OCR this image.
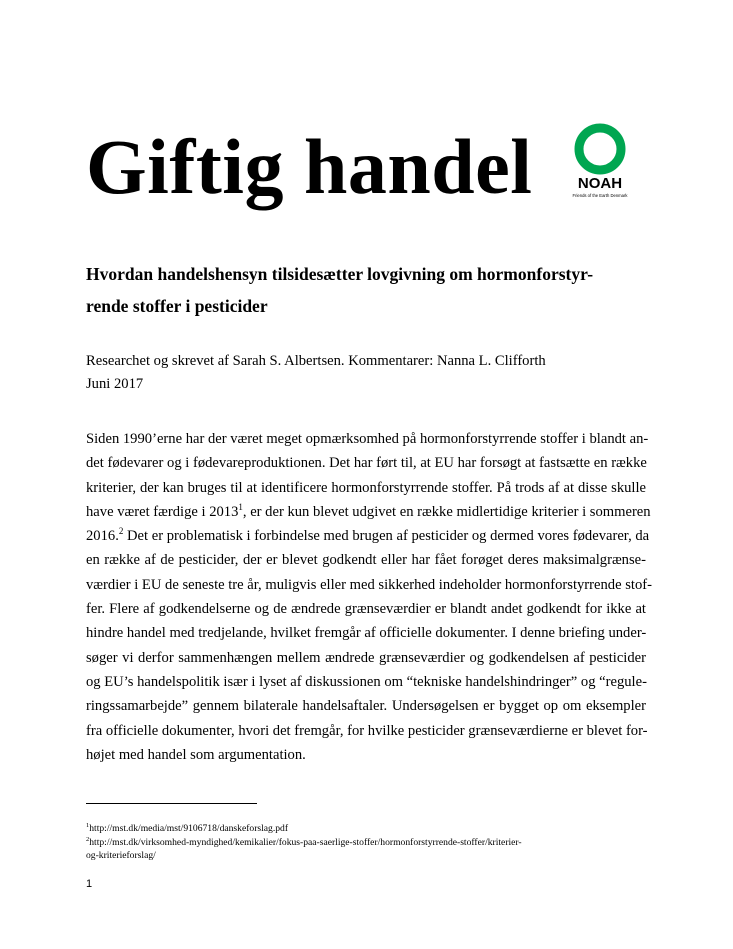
Giftig handel	NOAH
Friends of the Earth Denmark
Hvordan handelshensyn tilsidesætter lovgivning om hormonforstyr-
rende stoffer i pesticider
Researchet og skrevet af Sarah S. Albertsen. Kommentarer: Nanna L. Clifforth
Juni 2017
Siden 1990’erne har der været meget opmærksomhed på hormonforstyrrende stoffer i blandt an-
det fødevarer og i fødevareproduktionen. Det har ført til, at EU har forsøgt at fastsætte en række
kriterier, der kan bruges til at identificere hormonforstyrrende stoffer. På trods af at disse skulle
have været færdige i 2013$^1$, er der kun blevet udgivet en række midlertidige kriterier i sommeren
2016.$^2$ Det er problematisk i forbindelse med brugen af pesticider og dermed vores fødevarer, da
en række af de pesticider, der er blevet godkendt eller har fået forøget deres maksimalgrænse-
værdier i EU de seneste tre år, muligvis eller med sikkerhed indeholder hormonforstyrrende stof-
fer. Flere af godkendelserne og de ændrede grænseværdier er blandt andet godkendt for ikke at
hindre handel med tredjelande, hvilket fremgår af officielle dokumenter. I denne briefing under-
søger vi derfor sammenhængen mellem ændrede grænseværdier og godkendelsen af pesticider
og EU’s handelspolitik især i lyset af diskussionen om “tekniske handelshindringer” og “regule-
ringssamarbejde” gennem bilaterale handelsaftaler. Undersøgelsen er bygget op om eksempler
fra officielle dokumenter, hvori det fremgår, for hvilke pesticider grænseværdierne er blevet for-
højet med handel som argumentation.
$^1$http://mst.dk/media/mst/9106718/danskeforslag.pdf
$^2$http://mst.dk/virksomhed-myndighed/kemikalier/fokus-paa-saerlige-stoffer/hormonforstyrrende-stoffer/kriterier-
og-kriterieforslag/
1
